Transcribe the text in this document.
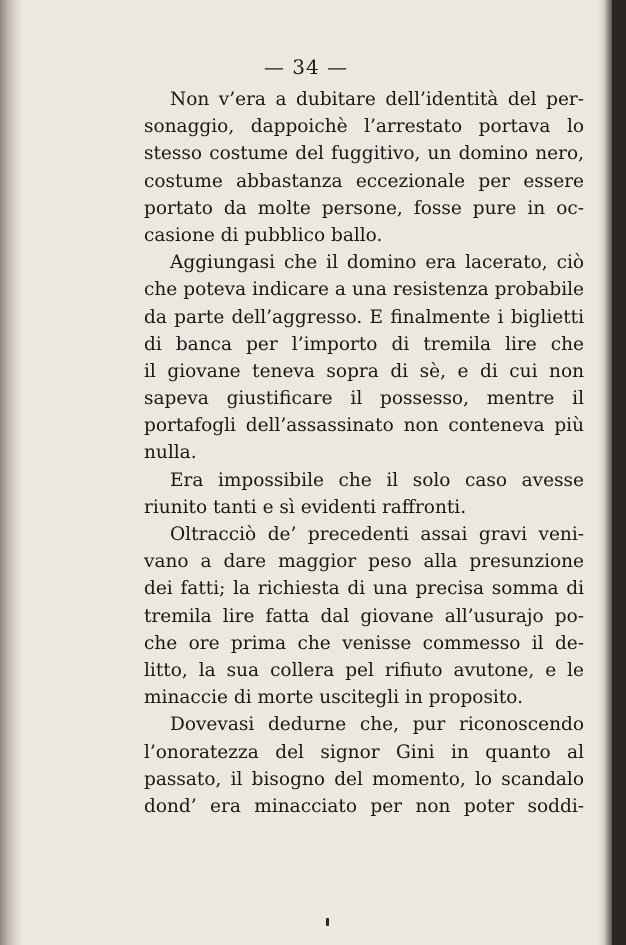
— 34 —
Non v’era a dubitare dell’identità del per-
sonaggio, dappoichè l’arrestato portava lo
stesso costume del fuggitivo, un domino nero,
costume abbastanza eccezionale per essere
portato da molte persone, fosse pure in oc-
casione di pubblico ballo.
Aggiungasi che il domino era lacerato, ciò
che poteva indicare a una resistenza probabile
da parte dell’aggresso. E finalmente i biglietti
di banca per l’importo di tremila lire che
il giovane teneva sopra di sè, e di cui non
sapeva giustificare il possesso, mentre il
portafogli dell’assassinato non conteneva più
nulla.
Era impossibile che il solo caso avesse
riunito tanti e sì evidenti raffronti.
Oltracciò de’ precedenti assai gravi veni-
vano a dare maggior peso alla presunzione
dei fatti; la richiesta di una precisa somma di
tremila lire fatta dal giovane all’usurajo po-
che ore prima che venisse commesso il de-
litto, la sua collera pel rifiuto avutone, e le
minaccie di morte uscitegli in proposito.
Dovevasi dedurne che, pur riconoscendo
l’onoratezza del signor Gini in quanto al
passato, il bisogno del momento, lo scandalo
dond’ era minacciato per non poter soddi-
